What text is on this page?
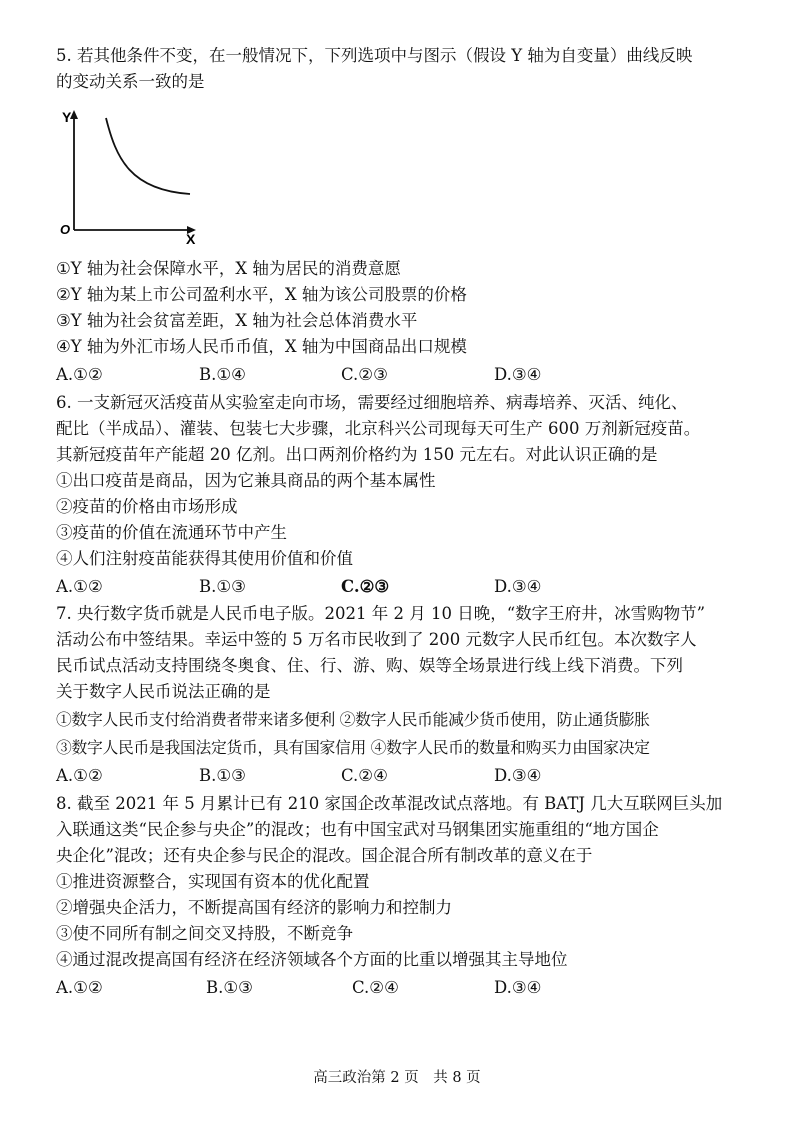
5. 若其他条件不变，在一般情况下，下列选项中与图示（假设 Y 轴为自变量）曲线反映
的变动关系一致的是
Y
X
O
①Y 轴为社会保障水平，X 轴为居民的消费意愿
②Y 轴为某上市公司盈利水平，X 轴为该公司股票的价格
③Y 轴为社会贫富差距，X 轴为社会总体消费水平
④Y 轴为外汇市场人民币币值，X 轴为中国商品出口规模
A.①②	B.①④	C.②③	D.③④
6. 一支新冠灭活疫苗从实验室走向市场，需要经过细胞培养、病毒培养、灭活、纯化、
配比（半成品）、灌装、包装七大步骤，北京科兴公司现每天可生产 600 万剂新冠疫苗。
其新冠疫苗年产能超 20 亿剂。出口两剂价格约为 150 元左右。对此认识正确的是
①出口疫苗是商品，因为它兼具商品的两个基本属性
②疫苗的价格由市场形成
③疫苗的价值在流通环节中产生
④人们注射疫苗能获得其使用价值和价值
A.①②	B.①③	C.②③	D.③④
7. 央行数字货币就是人民币电子版。2021 年 2 月 10 日晚，“数字王府井，冰雪购物节”
活动公布中签结果。幸运中签的 5 万名市民收到了 200 元数字人民币红包。本次数字人
民币试点活动支持围绕冬奥食、住、行、游、购、娱等全场景进行线上线下消费。下列
关于数字人民币说法正确的是
①数字人民币支付给消费者带来诸多便利 ②数字人民币能减少货币使用，防止通货膨胀
③数字人民币是我国法定货币，具有国家信用 ④数字人民币的数量和购买力由国家决定
A.①②	B.①③	C.②④	D.③④
8. 截至 2021 年 5 月累计已有 210 家国企改革混改试点落地。有 BATJ 几大互联网巨头加
入联通这类“民企参与央企”的混改；也有中国宝武对马钢集团实施重组的“地方国企
央企化”混改；还有央企参与民企的混改。国企混合所有制改革的意义在于
①推进资源整合，实现国有资本的优化配置
②增强央企活力，不断提高国有经济的影响力和控制力
③使不同所有制之间交叉持股，不断竞争
④通过混改提高国有经济在经济领域各个方面的比重以增强其主导地位
A.①②	B.①③	C.②④	D.③④
高三政治第 2 页　共 8 页
